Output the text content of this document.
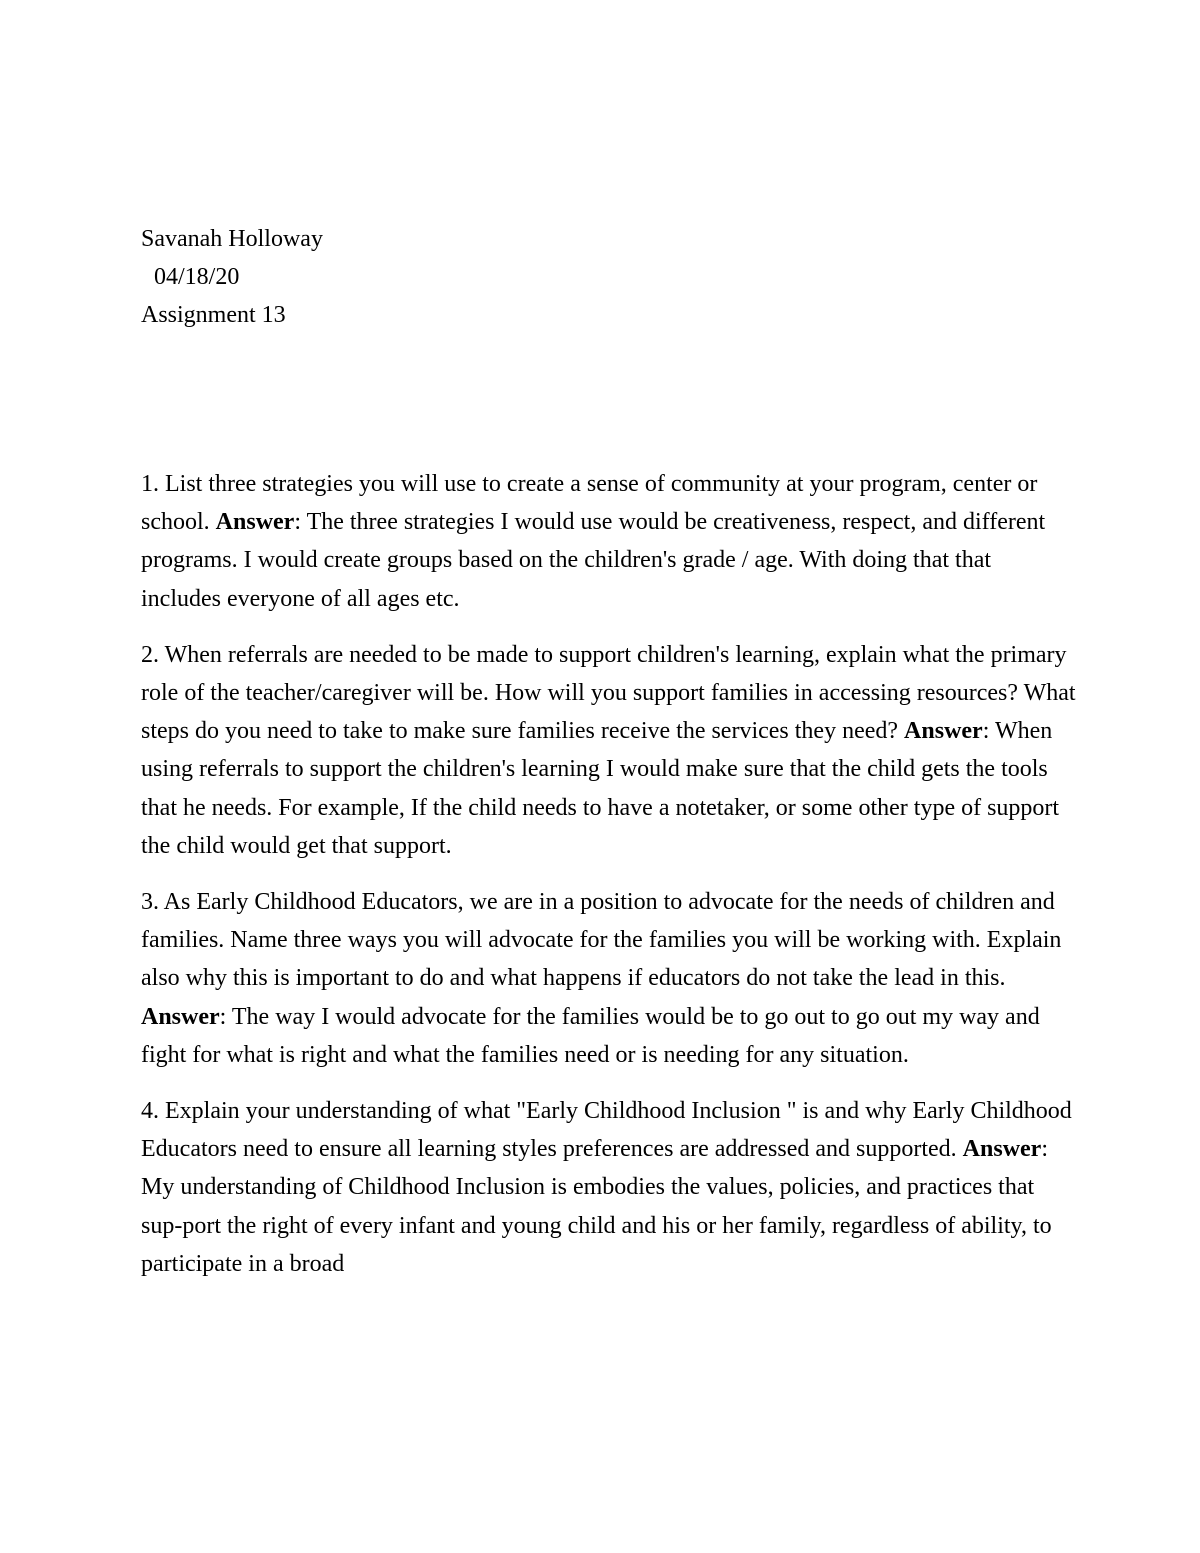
Savanah Holloway
04/18/20
Assignment 13

1. List three strategies you will use to create a sense of community at your program, center or school. Answer: The three strategies I would use would be creativeness, respect, and different programs. I would create groups based on the children's grade / age. With doing that that includes everyone of all ages etc.

2. When referrals are needed to be made to support children's learning, explain what the primary role of the teacher/caregiver will be. How will you support families in accessing resources? What steps do you need to take to make sure families receive the services they need? Answer: When using referrals to support the children's learning I would make sure that the child gets the tools that he needs. For example, If the child needs to have a notetaker, or some other type of support the child would get that support.

3. As Early Childhood Educators, we are in a position to advocate for the needs of children and families. Name three ways you will advocate for the families you will be working with. Explain also why this is important to do and what happens if educators do not take the lead in this. Answer: The way I would advocate for the families would be to go out to go out my way and fight for what is right and what the families need or is needing for any situation.

4. Explain your understanding of what "Early Childhood Inclusion " is and why Early Childhood Educators need to ensure all learning styles preferences are addressed and supported. Answer: My understanding of Childhood Inclusion is embodies the values, policies, and practices that sup-port the right of every infant and young child and his or her family, regardless of ability, to participate in a broad
